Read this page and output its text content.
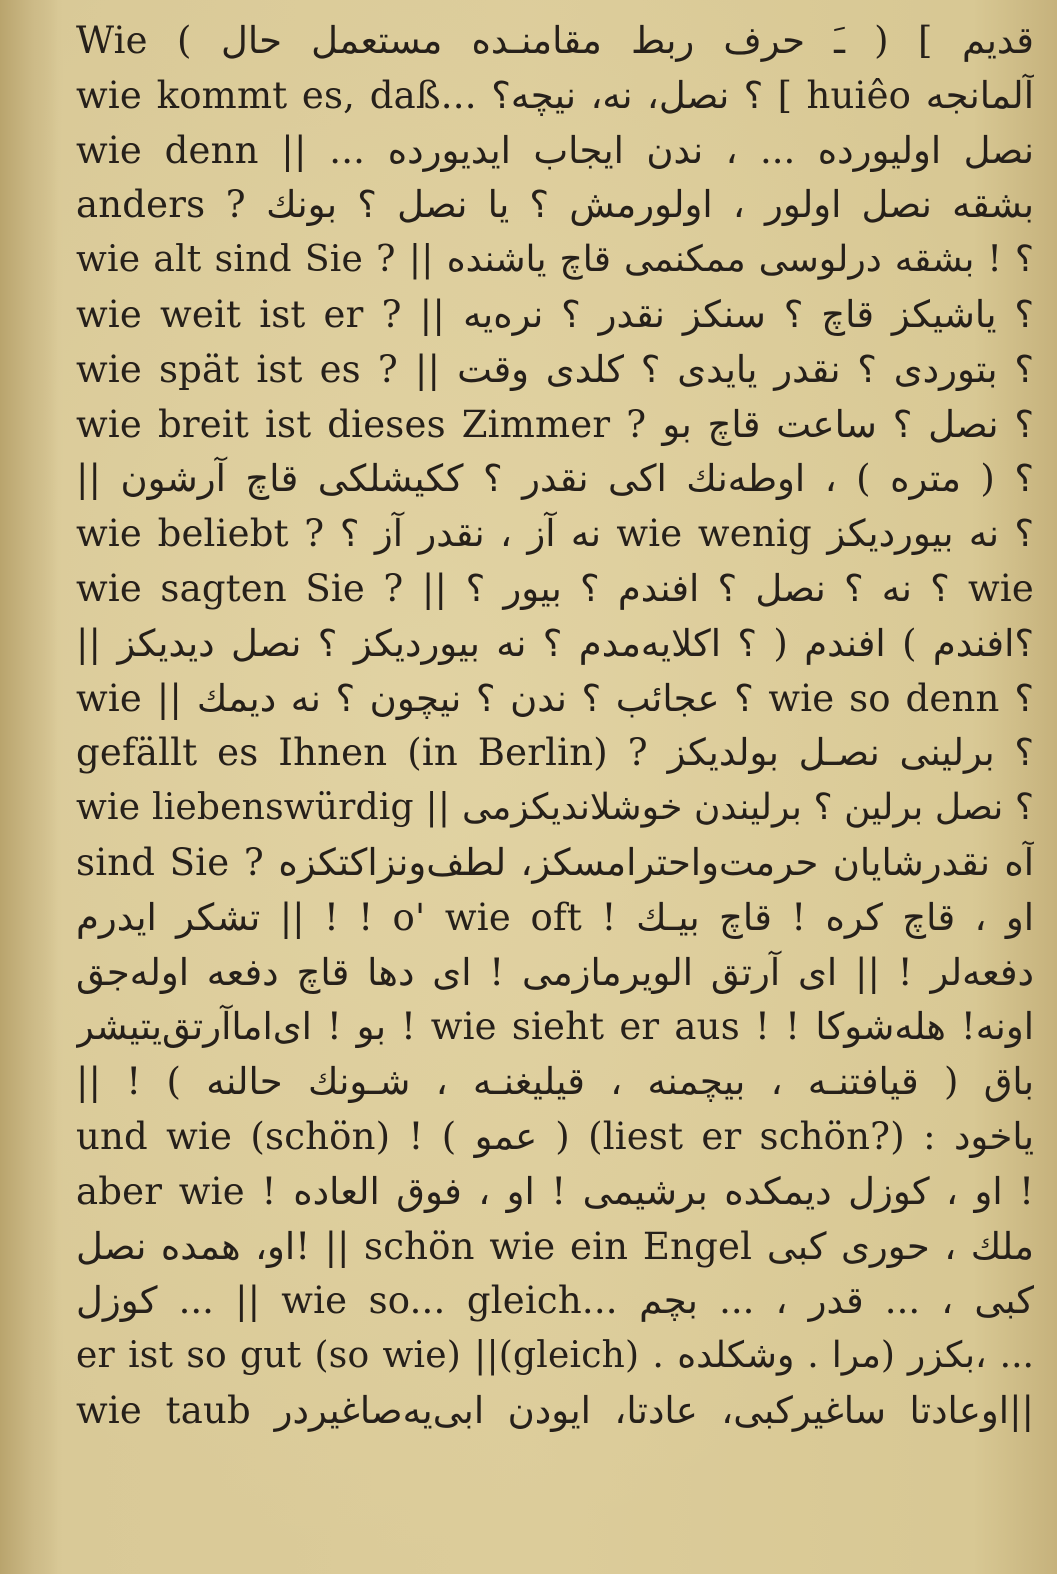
Wie ( ـَ حرف ربط مقامنـده مستعمل حال ) [ قديم
wie kommt es, daß... ؟ نصل، نه، نيچه؟ [ huiêo آلمانجه
wie denn || ... نصل اوليورده ... ، ندن ايجاب ايديورده
anders ? بشقه نصل اولور ، اولورمش ؟ يا نصل ؟ بونك
wie alt sind Sie ? || ؟ ! بشقه درلوسى ممكنمى قاچ ياشنده
wie weit ist er ? || ؟ ياشيكز قاچ ؟ سنكز نقدر ؟ نره‌يه
wie spät ist es ? || ؟ بتوردى ؟ نقدر يايدى ؟ كلدى وقت
wie breit ist dieses Zimmer ? ؟ نصل ؟ ساعت قاچ بو
|| ؟ ( متره ) ، اوطه‌نك اكى نقدر ؟ ككيشلكى قاچ آرشون
wie beliebt ? نه آز ، نقدر آز ؟ wie wenig ؟ نه بيورديكز
wie sagten Sie ? || ؟ نه ؟ نصل ؟ افندم ؟ بيور ؟ wie
|| ؟افندم ) افندم ( ؟ اكلايه‌مدم ؟ نه بيورديكز ؟ نصل ديديكز
wie || ؟ عجائب ؟ ندن ؟ نيچون ؟ نه ديمك wie so denn ؟
gefällt es Ihnen (in Berlin) ? ؟ برلينى نصـل بولديكز
wie liebenswürdig || ؟ نصل برلين ؟ برليندن خوشلانديكزمى
sind Sie ? آه نقدرشايان حرمت‌واحترامسكز، لطف‌ونزاكتكزه
تشكر ايدرم || ! ! o' wie oft ! او ، قاچ كره ! قاچ بيـك
دفعه‌لر ! || اى آرتق الويرمازمى ! اى دها قاچ دفعه اوله‌جق
بو ! اى‌اماآرتق‌يتيشر ! wie sieht er aus ! ! اونه! هله‌شوكا
|| ! باق ( قيافتنـه ، بيچمنه ، قيليغنـه ، شـونك حالنه )
und wie (schön) ! ( عمو ) (liest er schön?) : ياخود
aber wie ! او ، كوزل ديمكده برشيمى ! او ، فوق العاده !
او، همده نصل! || schön wie ein Engel ملك ، حورى كبى
كوزل ... || wie so... gleich... كبى ، ... قدر ، ... بچم
er ist so gut (so wie) ||(gleich) . بكزر (مرا . وشكلده، ...
wie taub اوعادتا ساغيركبى، عادتا، ايودن ابى‌يه‌صاغيردر||
